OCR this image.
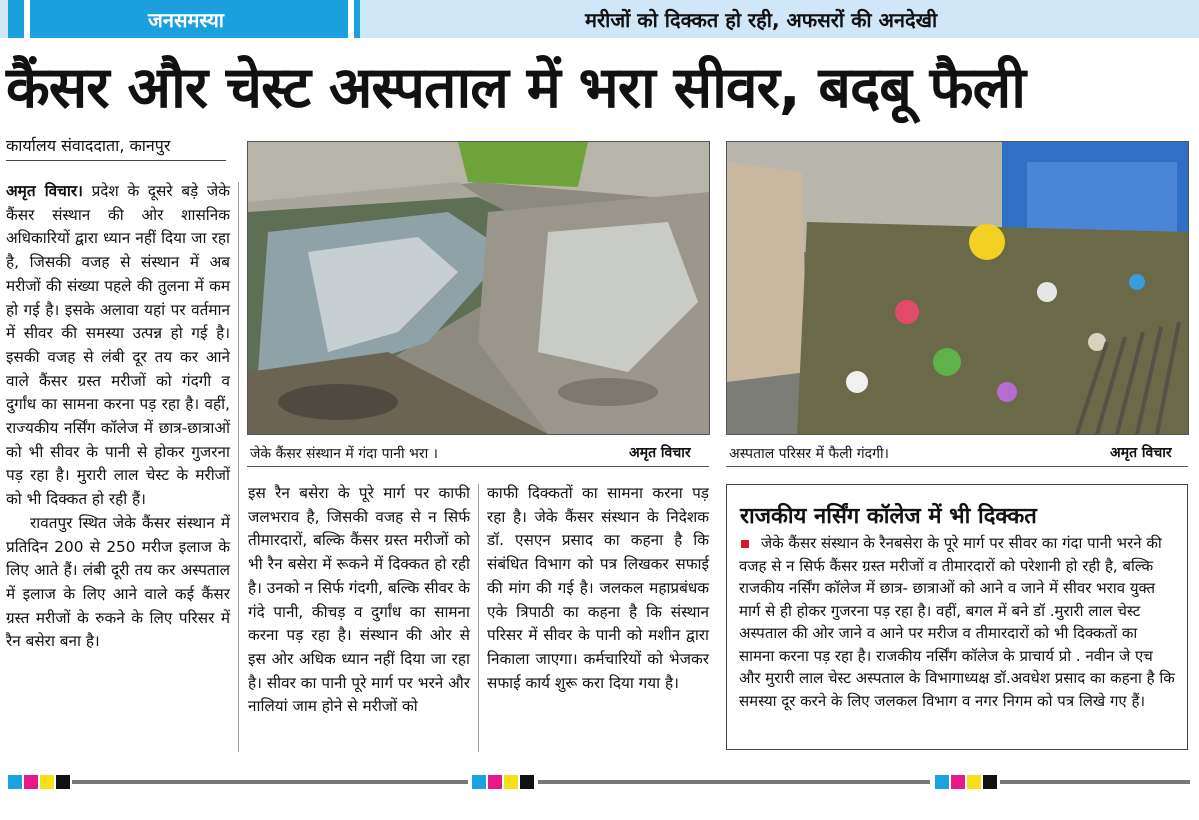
जनसमस्या	मरीजों को दिक्कत हो रही, अफसरों की अनदेखी
कैंसर और चेस्ट अस्पताल में भरा सीवर, बदबू फैली
कार्यालय संवाददाता, कानपुर

अमृत विचार। प्रदेश के दूसरे बड़े जेके कैंसर संस्थान की ओर शासनिक अधिकारियों द्वारा ध्यान नहीं दिया जा रहा है, जिसकी वजह से संस्थान में अब मरीजों की संख्या पहले की तुलना में कम हो गई है। इसके अलावा यहां पर वर्तमान में सीवर की समस्या उत्पन्न हो गई है। इसकी वजह से लंबी दूर तय कर आने वाले कैंसर ग्रस्त मरीजों को गंदगी व दुर्गांध का सामना करना पड़ रहा है। वहीं, राज्यकीय नर्सिंग कॉलेज में छात्र-छात्राओं को भी सीवर के पानी से होकर गुजरना पड़ रहा है। मुरारी लाल चेस्ट के मरीजों को भी दिक्कत हो रही हैं।

रावतपुर स्थित जेके कैंसर संस्थान में प्रतिदिन 200 से 250 मरीज इलाज के लिए आते हैं। लंबी दूरी तय कर अस्पताल में इलाज के लिए आने वाले कई कैंसर ग्रस्त मरीजों के रुकने के लिए परिसर में रैन बसेरा बना है।

जेके कैंसर संस्थान में गंदा पानी भरा ।	अमृत विचार	अस्पताल परिसर में फैली गंदगी।	अमृत विचार
इस रैन बसेरा के पूरे मार्ग पर काफी जलभराव है, जिसकी वजह से न सिर्फ तीमारदारों, बल्कि कैंसर ग्रस्त मरीजों को भी रैन बसेरा में रूकने में दिक्कत हो रही है। उनको न सिर्फ गंदगी, बल्कि सीवर के गंदे पानी, कीचड़ व दुर्गांध का सामना करना पड़ रहा है। संस्थान की ओर से इस ओर अधिक ध्यान नहीं दिया जा रहा है। सीवर का पानी पूरे मार्ग पर भरने और नालियां जाम होने से मरीजों को
काफी दिक्कतों का सामना करना पड़ रहा है। जेके कैंसर संस्थान के निदेशक डॉ. एसएन प्रसाद का कहना है कि संबंधित विभाग को पत्र लिखकर सफाई की मांग की गई है। जलकल महाप्रबंधक एके त्रिपाठी का कहना है कि संस्थान परिसर में सीवर के पानी को मशीन द्वारा निकाला जाएगा। कर्मचारियों को भेजकर सफाई कार्य शुरू करा दिया गया है।
राजकीय नर्सिंग कॉलेज में भी दिक्कत
जेके कैंसर संस्थान के रैनबसेरा के पूरे मार्ग पर सीवर का गंदा पानी भरने की वजह से न सिर्फ कैंसर ग्रस्त मरीजों व तीमारदारों को परेशानी हो रही है, बल्कि राजकीय नर्सिंग कॉलेज में छात्र- छात्राओं को आने व जाने में सीवर भराव युक्त मार्ग से ही होकर गुजरना पड़ रहा है। वहीं, बगल में बने डॉ .मुरारी लाल चेस्ट अस्पताल की ओर जाने व आने पर मरीज व तीमारदारों को भी दिक्कतों का सामना करना पड़ रहा है। राजकीय नर्सिंग कॉलेज के प्राचार्य प्रो . नवीन जे एच और मुरारी लाल चेस्ट अस्पताल के विभागाध्यक्ष डॉ.अवधेश प्रसाद का कहना है कि समस्या दूर करने के लिए जलकल विभाग व नगर निगम को पत्र लिखे गए हैं।
